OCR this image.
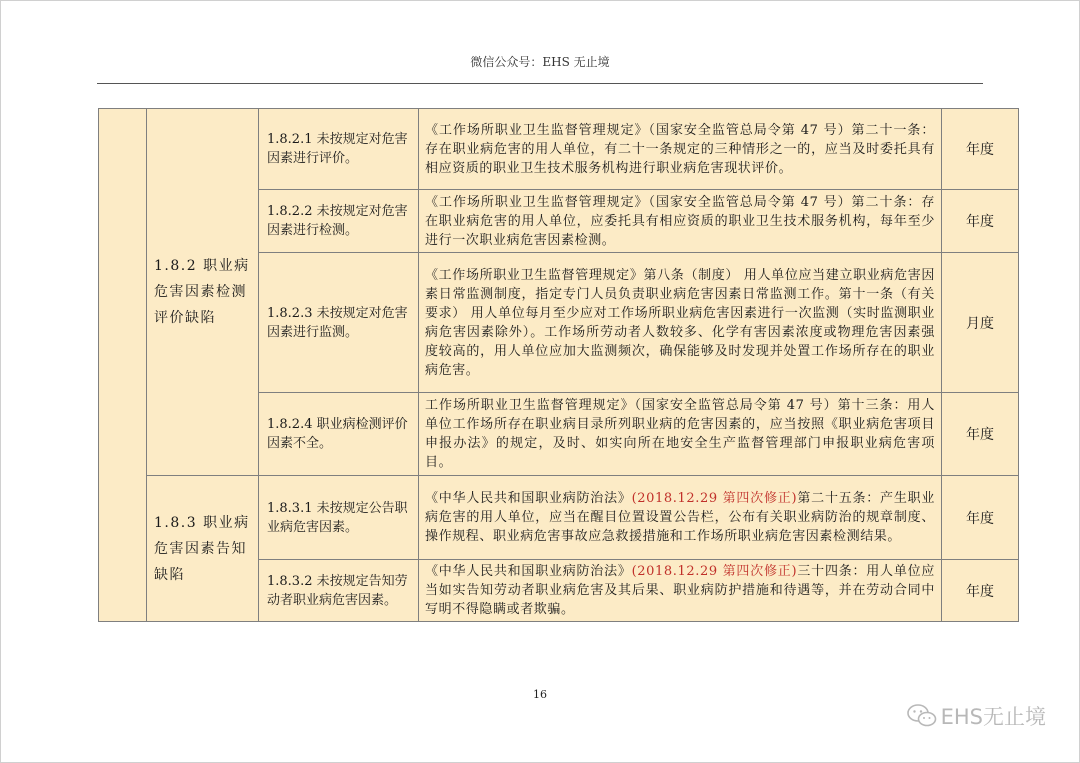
微信公众号：EHS 无止境
	1.8.2 职业病危害因素检测评价缺陷	1.8.2.1 未按规定对危害因素进行评价。	《工作场所职业卫生监督管理规定》（国家安全监管总局令第 47 号）第二十一条：存在职业病危害的用人单位，有二十一条规定的三种情形之一的，应当及时委托具有相应资质的职业卫生技术服务机构进行职业病危害现状评价。	年度
		1.8.2.2 未按规定对危害因素进行检测。	《工作场所职业卫生监督管理规定》（国家安全监管总局令第 47 号）第二十条：存在职业病危害的用人单位，应委托具有相应资质的职业卫生技术服务机构，每年至少进行一次职业病危害因素检测。	年度
		1.8.2.3 未按规定对危害因素进行监测。	《工作场所职业卫生监督管理规定》第八条（制度） 用人单位应当建立职业病危害因素日常监测制度，指定专门人员负责职业病危害因素日常监测工作。第十一条（有关要求） 用人单位每月至少应对工作场所职业病危害因素进行一次监测（实时监测职业病危害因素除外）。工作场所劳动者人数较多、化学有害因素浓度或物理危害因素强度较高的，用人单位应加大监测频次，确保能够及时发现并处置工作场所存在的职业病危害。	月度
		1.8.2.4 职业病检测评价因素不全。	工作场所职业卫生监督管理规定》（国家安全监管总局令第 47 号）第十三条：用人单位工作场所存在职业病目录所列职业病的危害因素的，应当按照《职业病危害项目申报办法》的规定，及时、如实向所在地安全生产监督管理部门申报职业病危害项目。	年度
	1.8.3 职业病危害因素告知缺陷	1.8.3.1 未按规定公告职业病危害因素。	《中华人民共和国职业病防治法》(2018.12.29 第四次修正)第二十五条：产生职业病危害的用人单位，应当在醒目位置设置公告栏，公布有关职业病防治的规章制度、操作规程、职业病危害事故应急救援措施和工作场所职业病危害因素检测结果。	年度
		1.8.3.2 未按规定告知劳动者职业病危害因素。	《中华人民共和国职业病防治法》(2018.12.29 第四次修正)三十四条：用人单位应当如实告知劳动者职业病危害及其后果、职业病防护措施和待遇等，并在劳动合同中写明不得隐瞒或者欺骗。	年度
16
EHS无止境
